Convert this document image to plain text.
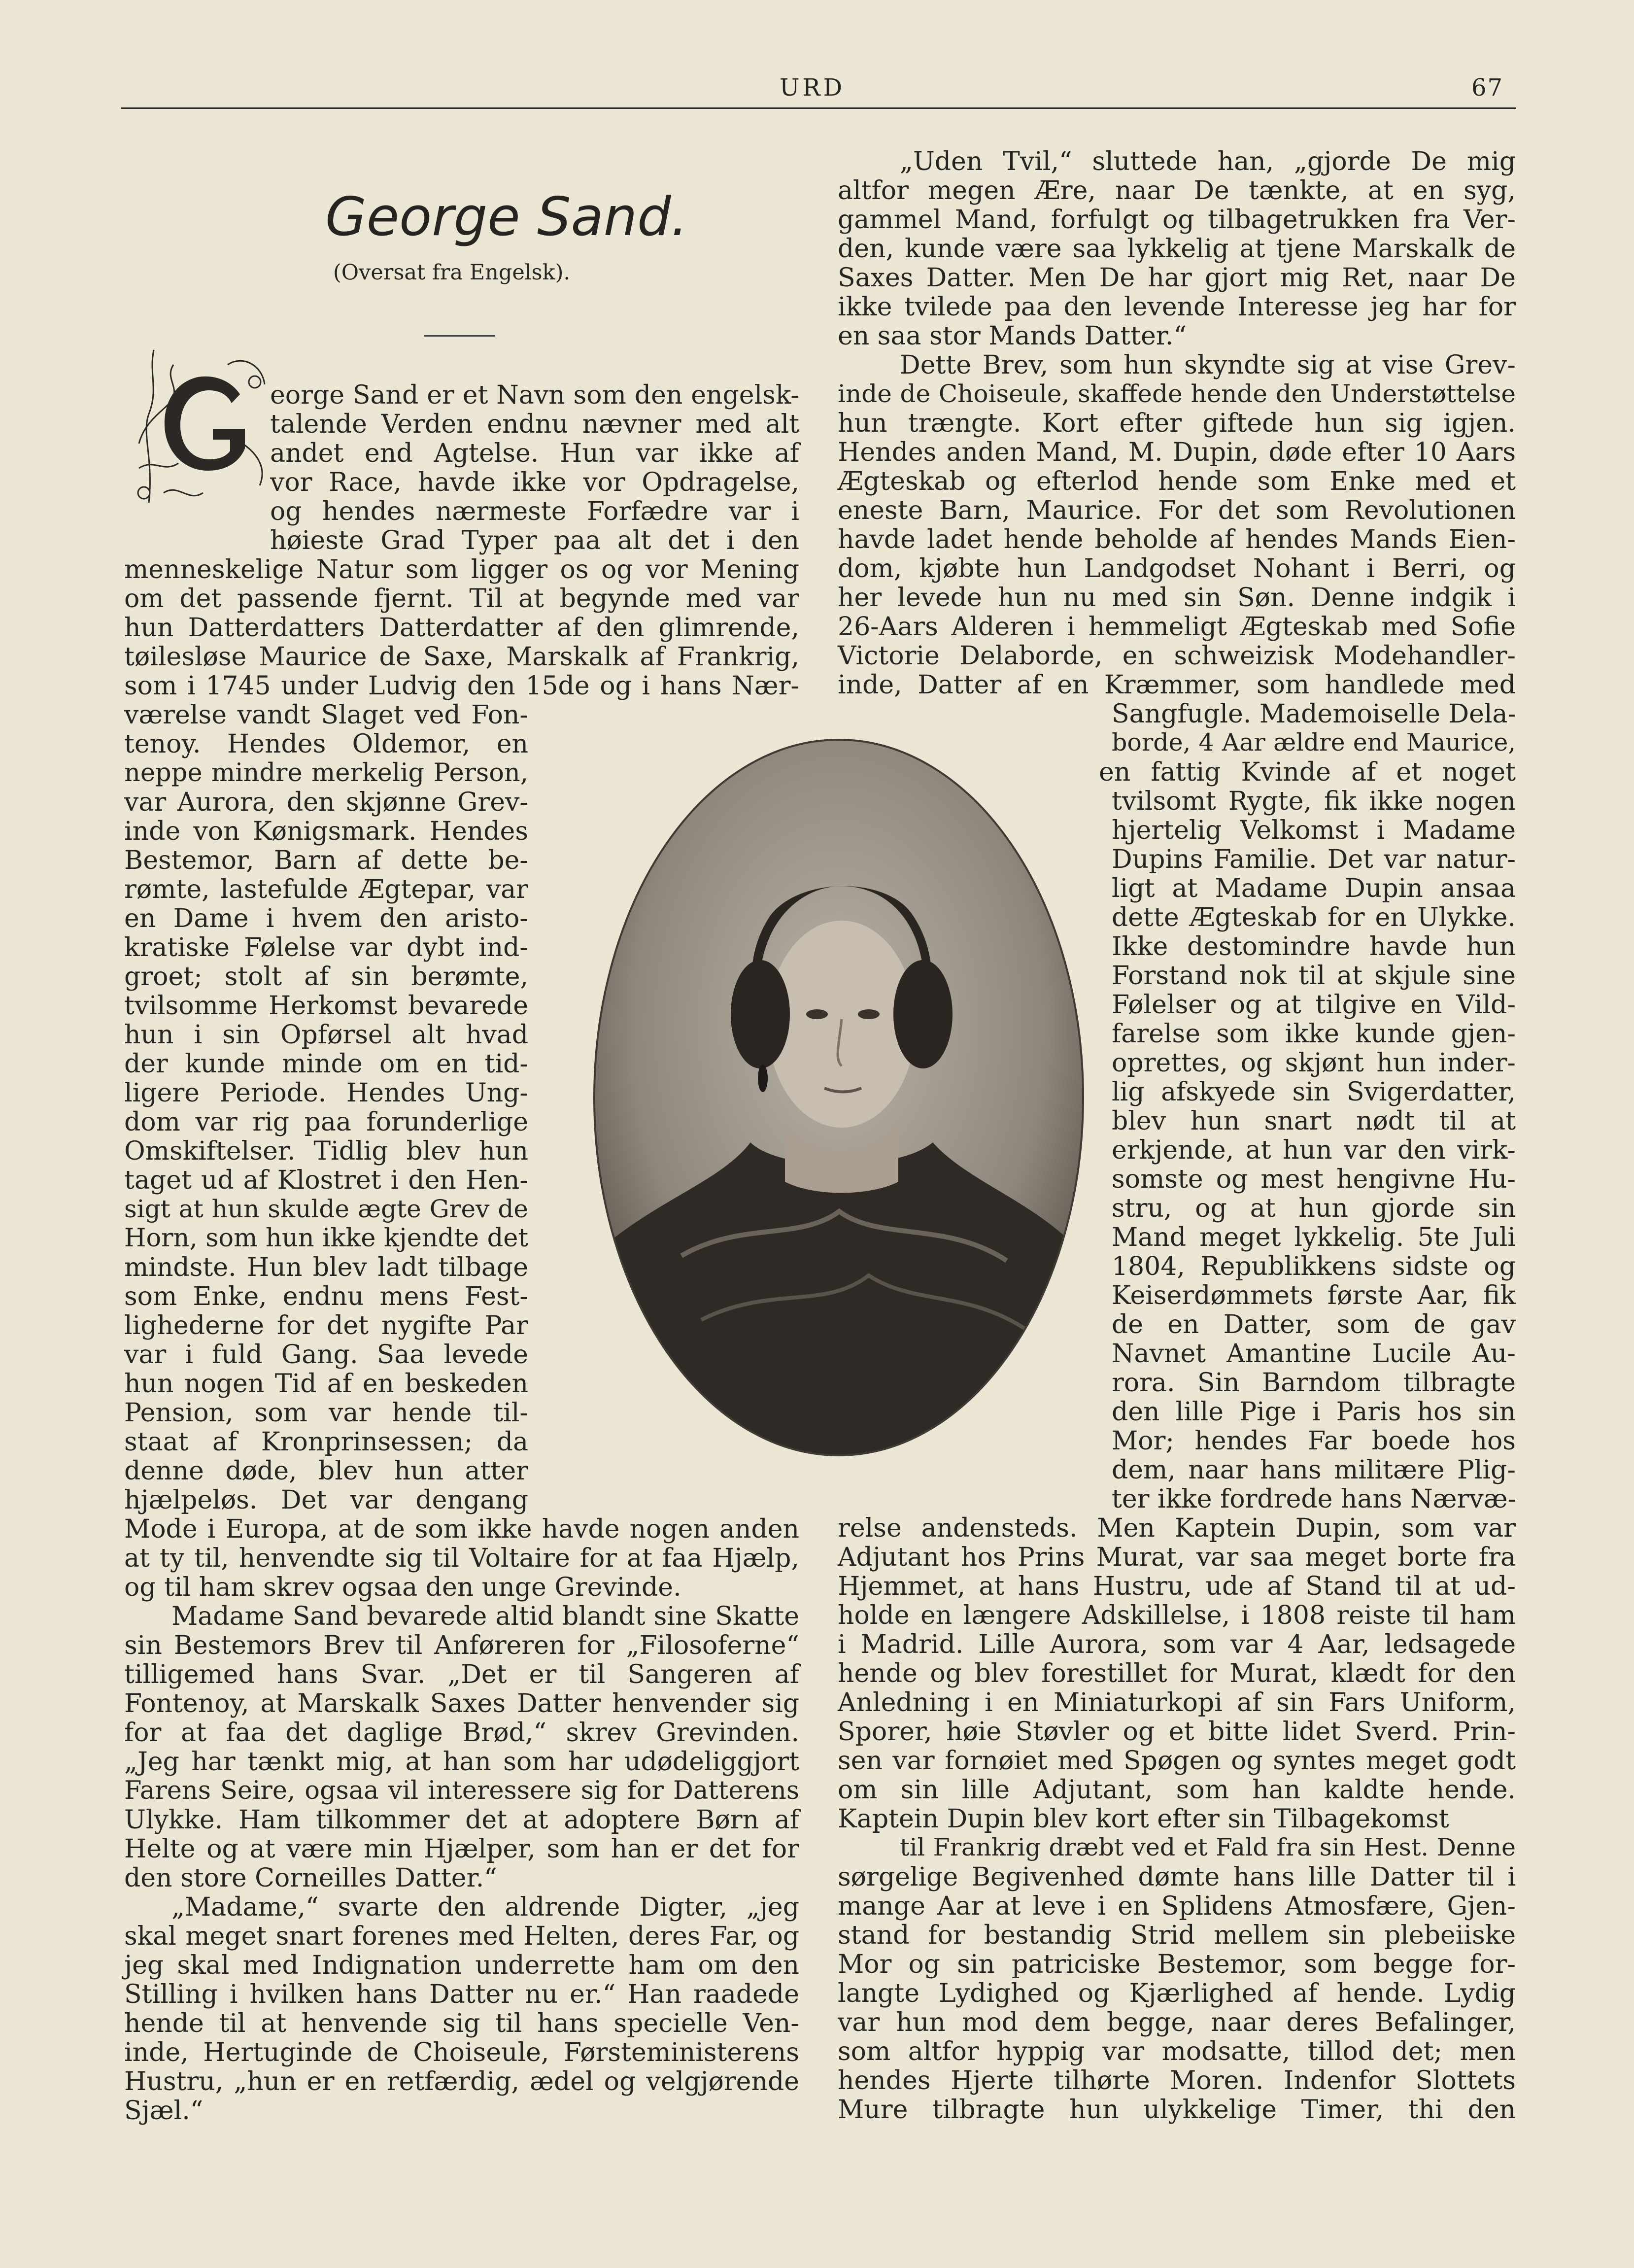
URD	67
George Sand.
(Oversat fra Engelsk).
G

eorge Sand er et Navn som den engelsk-

talende Verden endnu nævner med alt

andet end Agtelse. Hun var ikke af

vor Race, havde ikke vor Opdragelse,

og hendes nærmeste Forfædre var i

høieste Grad Typer paa alt det i den

menneskelige Natur som ligger os og vor Mening

om det passende fjernt. Til at begynde med var

hun Datterdatters Datterdatter af den glimrende,

tøilesløse Maurice de Saxe, Marskalk af Frankrig,

som i 1745 under Ludvig den 15de og i hans Nær-

værelse vandt Slaget ved Fon-

tenoy. Hendes Oldemor, en

neppe mindre merkelig Person,

var Aurora, den skjønne Grev-

inde von Kønigsmark. Hendes

Bestemor, Barn af dette be-

rømte, lastefulde Ægtepar, var

en Dame i hvem den aristo-

kratiske Følelse var dybt ind-

groet; stolt af sin berømte,

tvilsomme Herkomst bevarede

hun i sin Opførsel alt hvad

der kunde minde om en tid-

ligere Periode. Hendes Ung-

dom var rig paa forunderlige

Omskiftelser. Tidlig blev hun

taget ud af Klostret i den Hen-

sigt at hun skulde ægte Grev de

Horn, som hun ikke kjendte det

mindste. Hun blev ladt tilbage

som Enke, endnu mens Fest-

lighederne for det nygifte Par

var i fuld Gang. Saa levede

hun nogen Tid af en besked​en

Pension, som var hende til-

staat af Kronprinsessen; da

denne døde, blev hun atter

hjælpeløs. Det var dengang

Mode i Europa, at de som ikke havde nogen anden

at ty til, henvendte sig til Voltaire for at faa Hjælp,

og til ham skrev ogsaa den unge Grevinde.

Madame Sand bevarede altid blandt sine Skatte

sin Bestemors Brev til Anføreren for „Filosoferne“

tilligemed hans Svar. „Det er til Sangeren af

Fontenoy, at Marskalk Saxes Datter henvender sig

for at faa det daglige Brød,“ skrev Grevinden.

„Jeg har tænkt mig, at han som har udødeliggjort

Farens Seire, ogsaa vil interessere sig for Datterens

Ulykke. Ham tilkommer det at adoptere Børn af

Helte og at være min Hjælper, som han er det for

den store Corneilles Datter.“

„Madame,“ svarte den aldrende Digter, „jeg

skal meget snart forenes med Helten, deres Far, og

jeg skal med Indignation underrette ham om den

Stilling i hvilken hans Datter nu er.“ Han raadede

hende til at henvende sig til hans specielle Ven-

inde, Hertuginde de Choiseule, Førsteministerens

Hustru, „hun er en retfærdig, ædel og velgjørende

Sjæl.“

„Uden Tvil,“ sluttede han, „gjorde De mig

altfor megen Ære, naar De tænkte, at en syg,

gammel Mand, forfulgt og tilbagetrukken fra Ver-

den, kunde være saa lykkelig at tjene Marskalk de

Saxes Datter. Men De har gjort mig Ret, naar De

ikke tvilede paa den levende Interesse jeg har for

en saa stor Mands Datter.“

Dette Brev, som hun skyndte sig at vise Grev-

inde de Choiseule, skaffede hende den Understøttelse

hun trængte. Kort efter giftede hun sig igjen.

Hendes anden Mand, M. Dupin, døde efter 10 Aars

Ægteskab og efterlod hende som Enke med et

eneste Barn, Maurice. For det som Revolutionen

havde ladet hende beholde af hendes Mands Eien-

dom, kjøbte hun Landgodset Nohant i Berri, og

her levede hun nu med sin Søn. Denne indgik i

26-Aars Alderen i hemmeligt Ægteskab med Sofie

Victorie Delaborde, en schweizisk Modehandler-

inde, Datter af en Kræmmer, som handlede med

Sangfugle. Mademoiselle Dela-

borde, 4 Aar ældre end Maurice,

en fattig Kvinde af et noget

tvilsomt Rygte, fik ikke nogen

hjertelig Velkomst i Madame

Dupins Familie. Det var natur-

ligt at Madame Dupin ansaa

dette Ægteskab for en Ulykke.

Ikke destomindre havde hun

Forstand nok til at skjule sine

Følelser og at tilgive en Vild-

farelse som ikke kunde gjen-

oprettes, og skjønt hun inder-

lig afskyede sin Svigerdatter,

blev hun snart nødt til at

erkjende, at hun var den virk-

somste og mest hengivne Hu-

stru, og at hun gjorde sin

Mand meget lykkelig. 5te Juli

1804, Republikkens sidste og

Keiserdømmets første Aar, fik

de en Datter, som de gav

Navnet Amantine Lucile Au-

rora. Sin Barndom tilbragte

den lille Pige i Paris hos sin

Mor; hendes Far boede hos

dem, naar hans militære Plig-

ter ikke fordrede hans Nærvæ-

relse andensteds. Men Kaptein Dupin, som var

Adjutant hos Prins Murat, var saa meget borte fra

Hjemmet, at hans Hustru, ude af Stand til at ud-

holde en længere Adskillelse, i 1808 reiste til ham

i Madrid. Lille Aurora, som var 4 Aar, ledsagede

hende og blev forestillet for Murat, klædt for den

Anledning i en Miniaturkopi af sin Fars Uniform,

Sporer, høie Støvler og et bitte lidet Sverd. Prin-

sen var fornøiet med Spøgen og syntes meget godt

om sin lille Adjutant, som han kaldte hende.

Kaptein Dupin blev kort efter sin Tilbagekomst

til Frankrig dræbt ved et Fald fra sin Hest. Denne

sørgelige Begivenhed dømte hans lille Datter til i

mange Aar at leve i en Splidens Atmosfære, Gjen-

stand for bestandig Strid mellem sin plebeiiske

Mor og sin patriciske Bestemor, som begge for-

langte Lydighed og Kjærlighed af hende. Lydig

var hun mod dem begge, naar deres Befalinger,

som altfor hyppig var modsatte, tillod det; men

hendes Hjerte tilhørte Moren. Indenfor Slottets

Mure tilbragte hun ulykkelige Timer, thi den
